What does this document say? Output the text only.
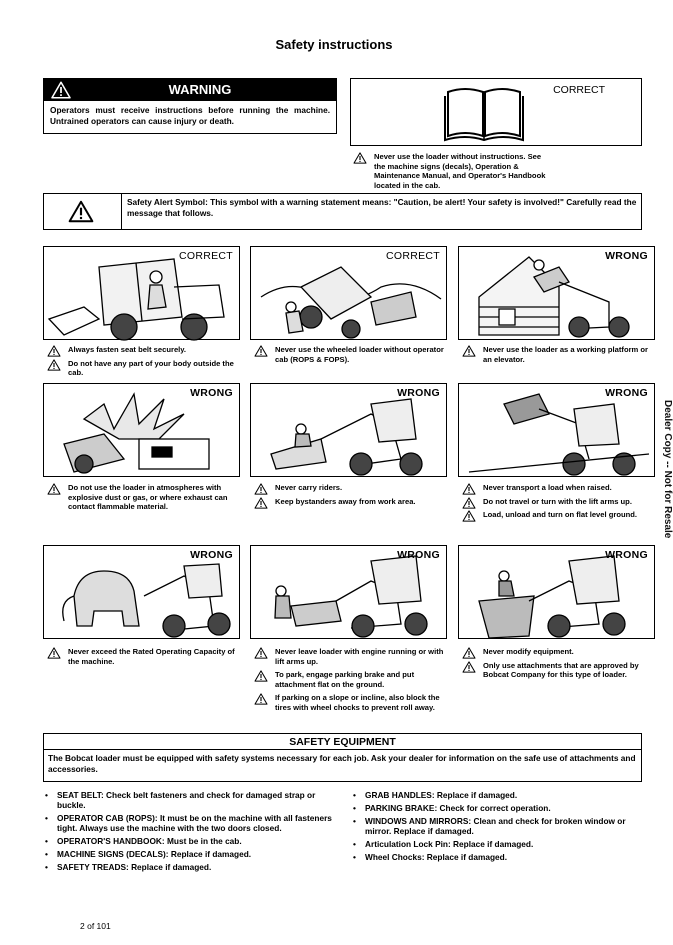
Safety instructions
WARNING
Operators must receive instructions before running the machine. Untrained operators can cause injury or death.
CORRECT
Never use the loader without instructions. See the machine signs (decals), Operation & Maintenance Manual, and Operator's Handbook located in the cab.
Safety Alert Symbol: This symbol with a warning statement means: "Caution, be alert! Your safety is involved!" Carefully read the message that follows.
CORRECT	CORRECT	WRONG
Always fasten seat belt securely.
Do not have any part of your body outside the cab.
Never use the wheeled loader without operator cab (ROPS & FOPS).
Never use the loader as a working platform or an elevator.
WRONG	WRONG	WRONG
Do not use the loader in atmospheres with explosive dust or gas, or where exhaust can contact flammable material.
Never carry riders.
Keep bystanders away from work area.
Never transport a load when raised.
Do not travel or turn with the lift arms up.
Load, unload and turn on flat level ground.
WRONG	WRONG	WRONG
Never exceed the Rated Operating Capacity of the machine.
Never leave loader with engine running or with lift arms up.
To park, engage parking brake and put attachment flat on the ground.
If parking on a slope or incline, also block the tires with wheel chocks to prevent roll away.
Never modify equipment.
Only use attachments that are approved by Bobcat Company for this type of loader.
SAFETY EQUIPMENT
The Bobcat loader must be equipped with safety systems necessary for each job. Ask your dealer for information on the safe use of attachments and accessories.
• SEAT BELT: Check belt fasteners and check for damaged strap or buckle.
• OPERATOR CAB (ROPS): It must be on the machine with all fasteners tight. Always use the machine with the two doors closed.
• OPERATOR'S HANDBOOK: Must be in the cab.
• MACHINE SIGNS (DECALS): Replace if damaged.
• SAFETY TREADS: Replace if damaged.
• GRAB HANDLES: Replace if damaged.
• PARKING BRAKE: Check for correct operation.
• WINDOWS AND MIRRORS: Clean and check for broken window or mirror. Replace if damaged.
• Articulation Lock Pin: Replace if damaged.
• Wheel Chocks: Replace if damaged.
2 of 101
Dealer Copy -- Not for Resale
